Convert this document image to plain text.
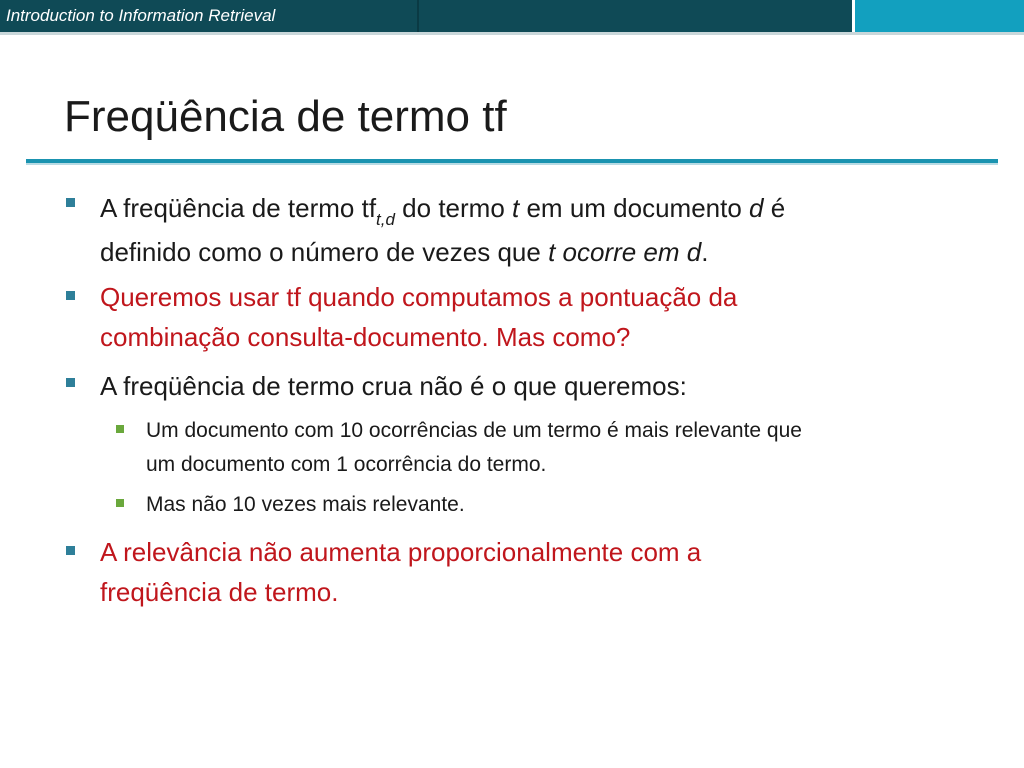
Introduction to Information Retrieval
Freqüência de termo tf
A freqüência de termo $tf_{t,d}$ do termo t em um documento d é
definido como o número de vezes que t ocorre em d.
Queremos usar tf quando computamos a pontuação da
combinação consulta-documento. Mas como?
A freqüência de termo crua não é o que queremos:
Um documento com 10 ocorrências de um termo é mais relevante que
um documento com 1 ocorrência do termo.
Mas não 10 vezes mais relevante.
A relevância não aumenta proporcionalmente com a
freqüência de termo.
